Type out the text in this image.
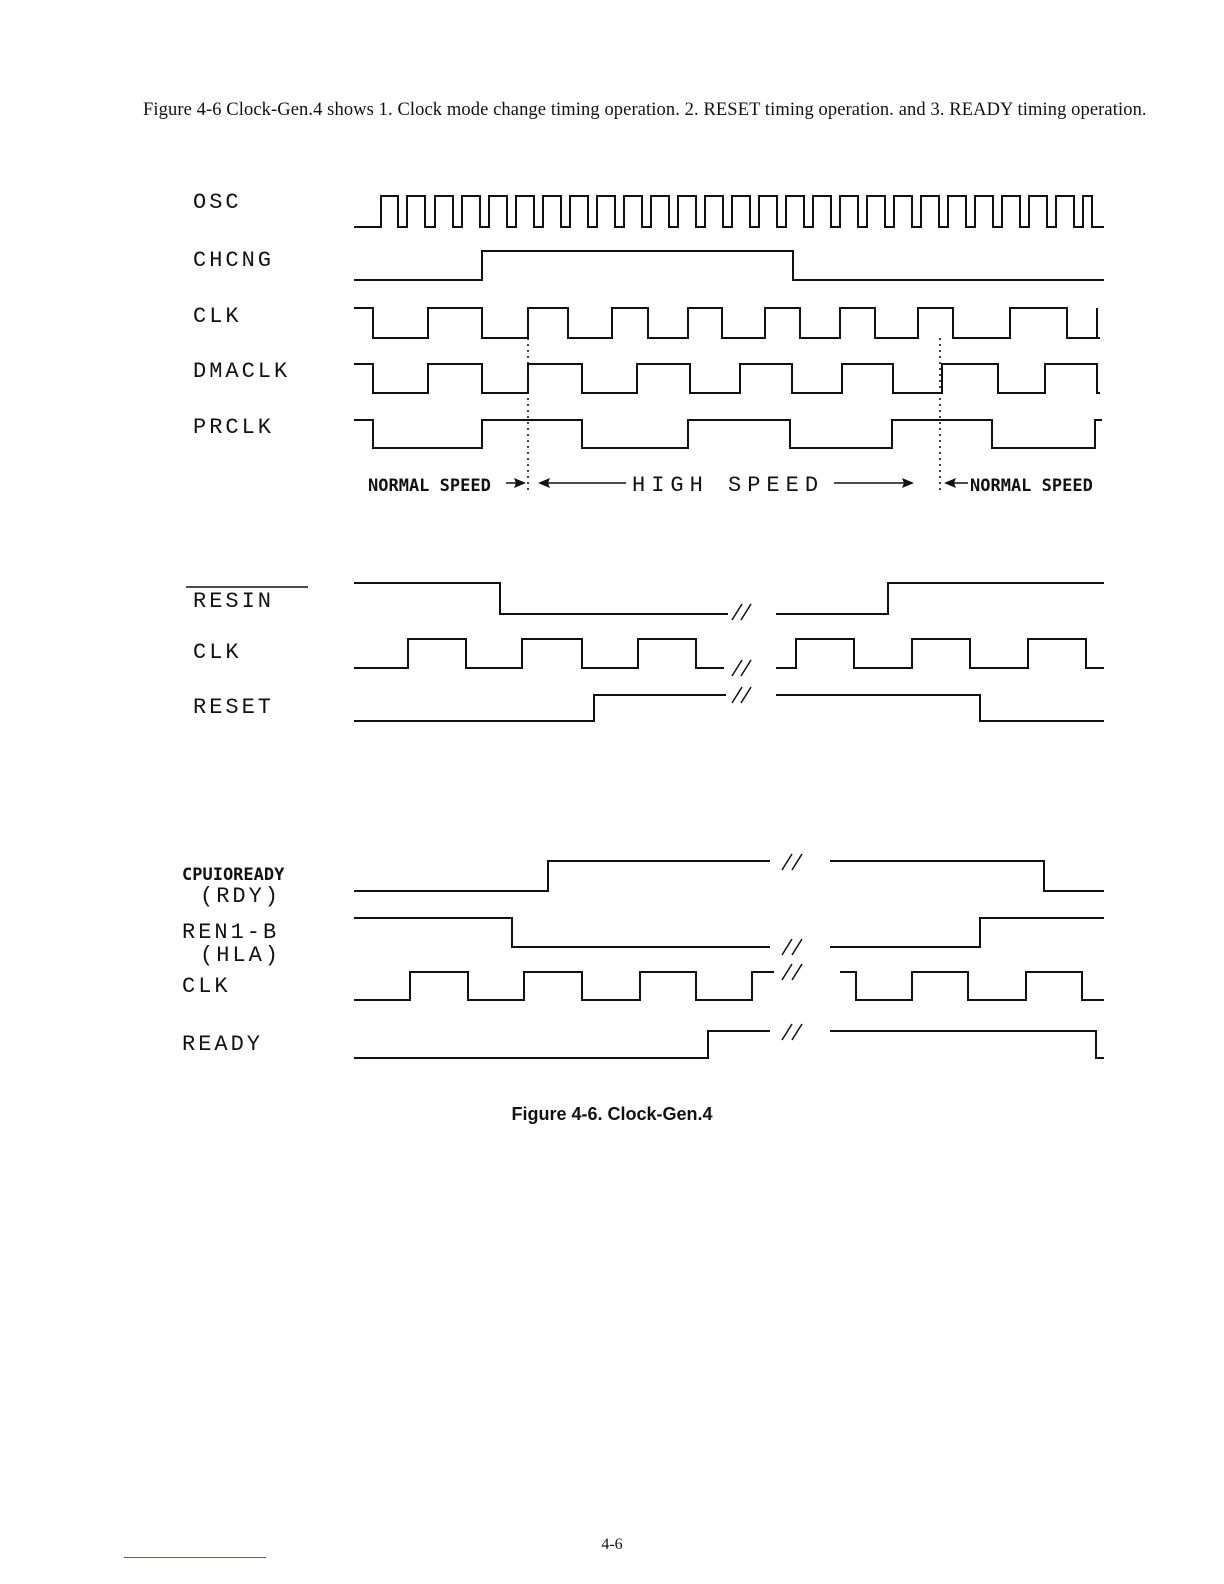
Figure 4-6 Clock-Gen.4 shows 1. Clock mode change timing operation. 2. RESET timing operation. and 3. READY timing operation.
OSC
CHCNG
CLK
DMACLK
PRCLK
NORMAL SPEED	HIGH SPEED	NORMAL SPEED
RESIN
CLK
RESET
CPUIOREADY
(RDY)
REN1-B
(HLA)
CLK
READY
Figure 4-6. Clock-Gen.4
4-6
